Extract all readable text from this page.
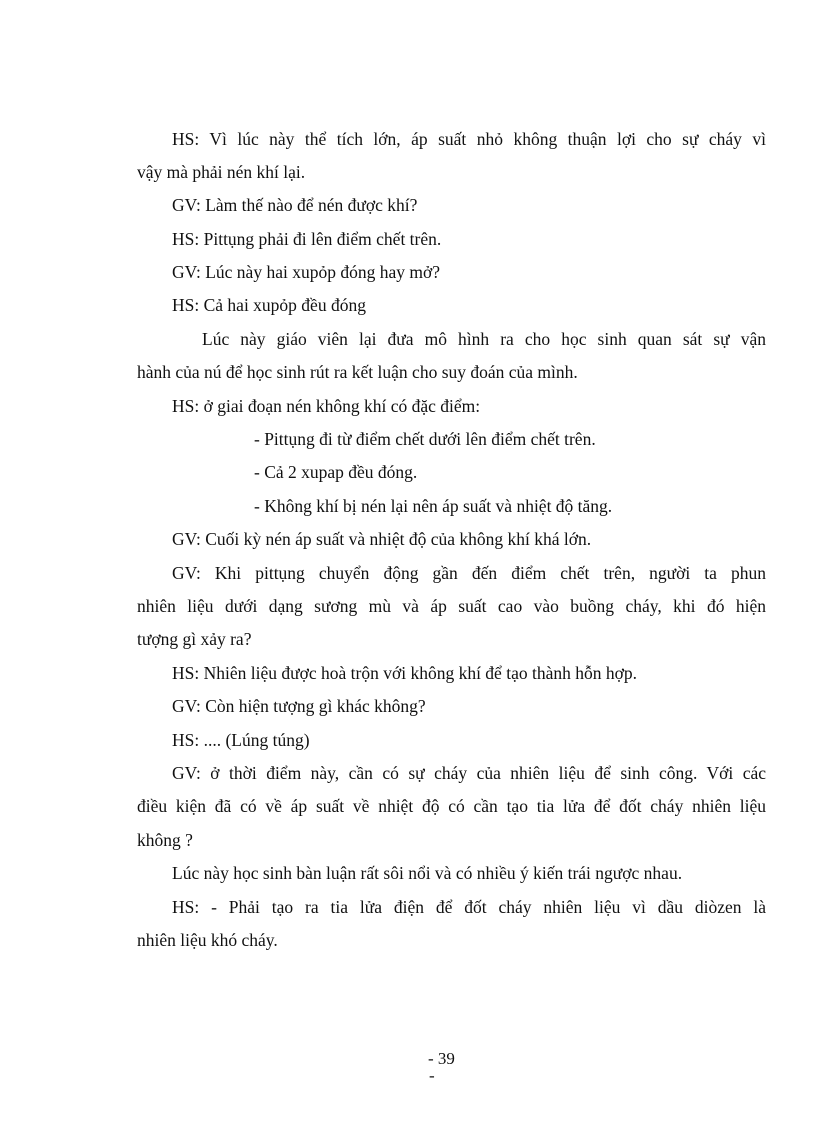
HS: Vì lúc này thể tích lớn, áp suất nhỏ không thuận lợi cho sự cháy vì
vậy mà phải nén khí lại.
GV: Làm thế nào để nén được khí?
HS: Pittụng phải đi lên điểm chết trên.
GV: Lúc này hai xupỏp đóng hay mở?
HS: Cả hai xupỏp đều đóng
Lúc này giáo viên lại đưa mô hình ra cho học sinh quan sát sự vận
hành của nú để học sinh rút ra kết luận cho suy đoán của mình.
HS: ở giai đoạn nén không khí có đặc điểm:
- Pittụng đi từ điểm chết dưới lên điểm chết trên.
- Cả 2 xupap đều đóng.
- Không khí bị nén lại nên áp suất và nhiệt độ tăng.
GV: Cuối kỳ nén áp suất và nhiệt độ của không khí khá lớn.
GV: Khi pittụng chuyển động gần đến điểm chết trên, người ta phun
nhiên liệu dưới dạng sương mù và áp suất cao vào buồng cháy, khi đó hiện
tượng gì xảy ra?
HS: Nhiên liệu được hoà trộn với không khí để tạo thành hỗn hợp.
GV: Còn hiện tượng gì khác không?
HS: .... (Lúng túng)
GV: ở thời điểm này, cần có sự cháy của nhiên liệu để sinh công. Với các
điều kiện đã có về áp suất về nhiệt độ có cần tạo tia lửa để đốt cháy nhiên liệu
không ?
Lúc này học sinh bàn luận rất sôi nổi và có nhiều ý kiến trái ngược nhau.
HS: - Phải tạo ra tia lửa điện để đốt cháy nhiên liệu vì dầu diòzen là
nhiên liệu khó cháy.
- 39
-
